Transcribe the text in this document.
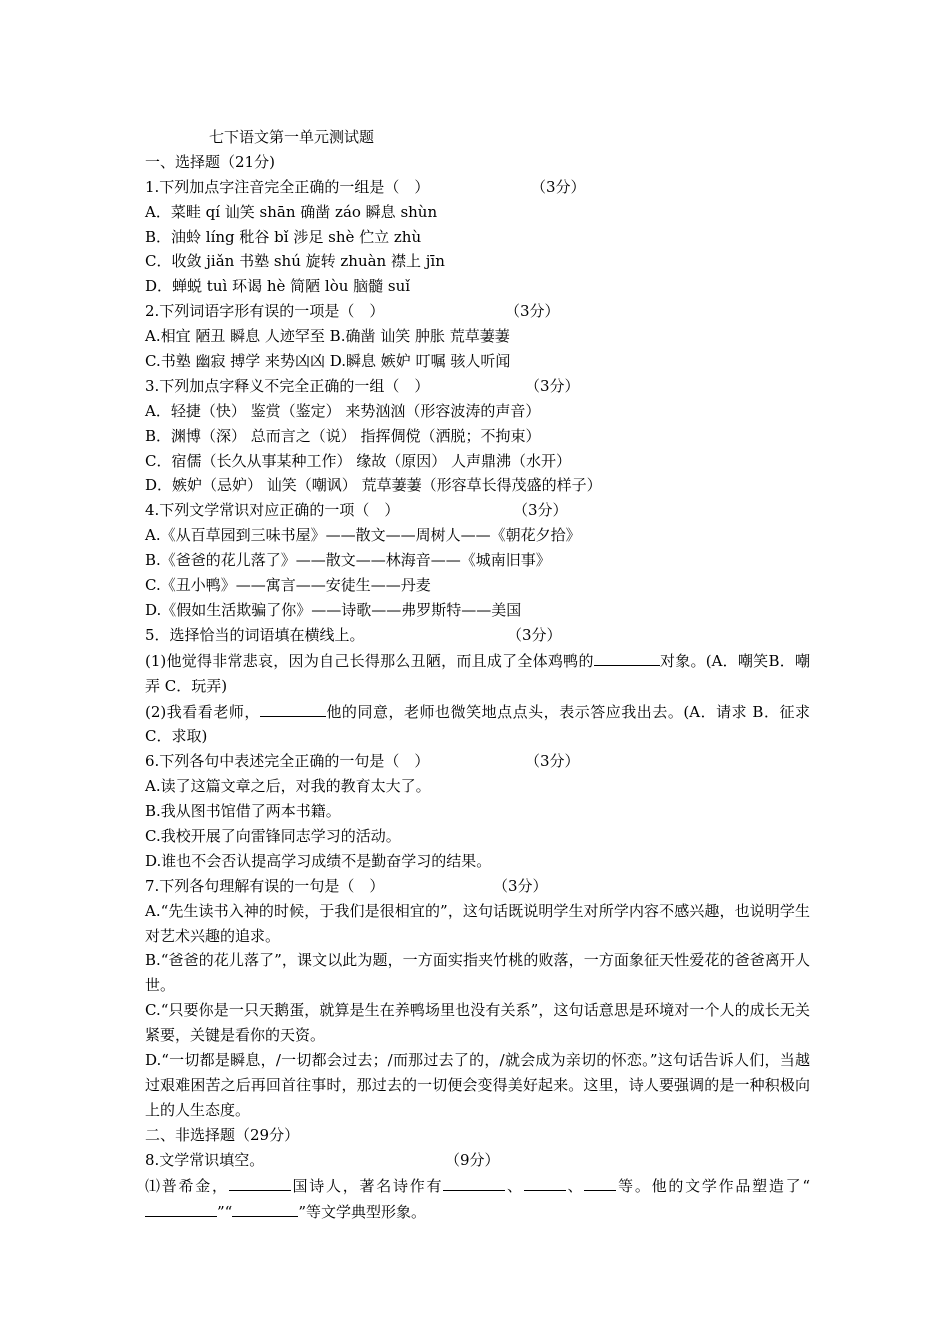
七下语文第一单元测试题
一、选择题（21分)
1.下列加点字注音完全正确的一组是（　）	（3分）
A．菜畦 qí 讪笑 shān 确凿 záo 瞬息 shùn
B．油蛉 líng 秕谷 bǐ 涉足 shè 伫立 zhù
C．收敛 jiǎn 书塾 shú 旋转 zhuàn 襟上 jīn
D．蝉蜕 tuì 环谒 hè 简陋 lòu 脑髓 suǐ
2.下列词语字形有误的一项是（　）	（3分）
A.相宜 陋丑 瞬息 人迹罕至 B.确凿 讪笑 肿胀 荒草萋萋
C.书塾 幽寂 搏学 来势凶凶 D.瞬息 嫉妒 叮嘱 骇人听闻
3.下列加点字释义不完全正确的一组（　）	（3分）
A．轻捷（快） 鉴赏（鉴定） 来势汹汹（形容波涛的声音）
B．渊博（深） 总而言之（说） 指挥倜傥（洒脱；不拘束）
C．宿儒（长久从事某种工作） 缘故（原因） 人声鼎沸（水开）
D．嫉妒（忌妒） 讪笑（嘲讽） 荒草萋萋（形容草长得茂盛的样子）
4.下列文学常识对应正确的一项（　）	（3分）
A.《从百草园到三味书屋》——散文——周树人——《朝花夕拾》
B.《爸爸的花儿落了》——散文——林海音——《城南旧事》
C.《丑小鸭》——寓言——安徒生——丹麦
D.《假如生活欺骗了你》——诗歌——弗罗斯特——美国
5．选择恰当的词语填在横线上。	（3分）
(1)他觉得非常悲哀，因为自己长得那么丑陋，而且成了全体鸡鸭的	对象。(A．嘲笑B．嘲弄 C．玩弄)
(2)我看看老师，	他的同意，老师也微笑地点点头，表示答应我出去。(A．请求 B．征求 C．求取)
6.下列各句中表述完全正确的一句是（　）	（3分）
A.读了这篇文章之后，对我的教育太大了。
B.我从图书馆借了两本书籍。
C.我校开展了向雷锋同志学习的活动。
D.谁也不会否认提高学习成绩不是勤奋学习的结果。
7.下列各句理解有误的一句是（　）	（3分）
A.“先生读书入神的时候，于我们是很相宜的”，这句话既说明学生对所学内容不感兴趣，也说明学生对艺术兴趣的追求。
B.“爸爸的花儿落了”，课文以此为题，一方面实指夹竹桃的败落，一方面象征天性爱花的爸爸离开人世。
C.“只要你是一只天鹅蛋，就算是生在养鸭场里也没有关系”，这句话意思是环境对一个人的成长无关紧要，关键是看你的天资。
D.“一切都是瞬息，/一切都会过去；/而那过去了的，/就会成为亲切的怀恋。”这句话告诉人们，当越过艰难困苦之后再回首往事时，那过去的一切便会变得美好起来。这里，诗人要强调的是一种积极向上的人生态度。
二、非选择题（29分）
8.文学常识填空。	（9分）
⑴普希金，	国诗人，著名诗作有	、	、 等。他的文学作品塑造了“”“	”等文学典型形象。
